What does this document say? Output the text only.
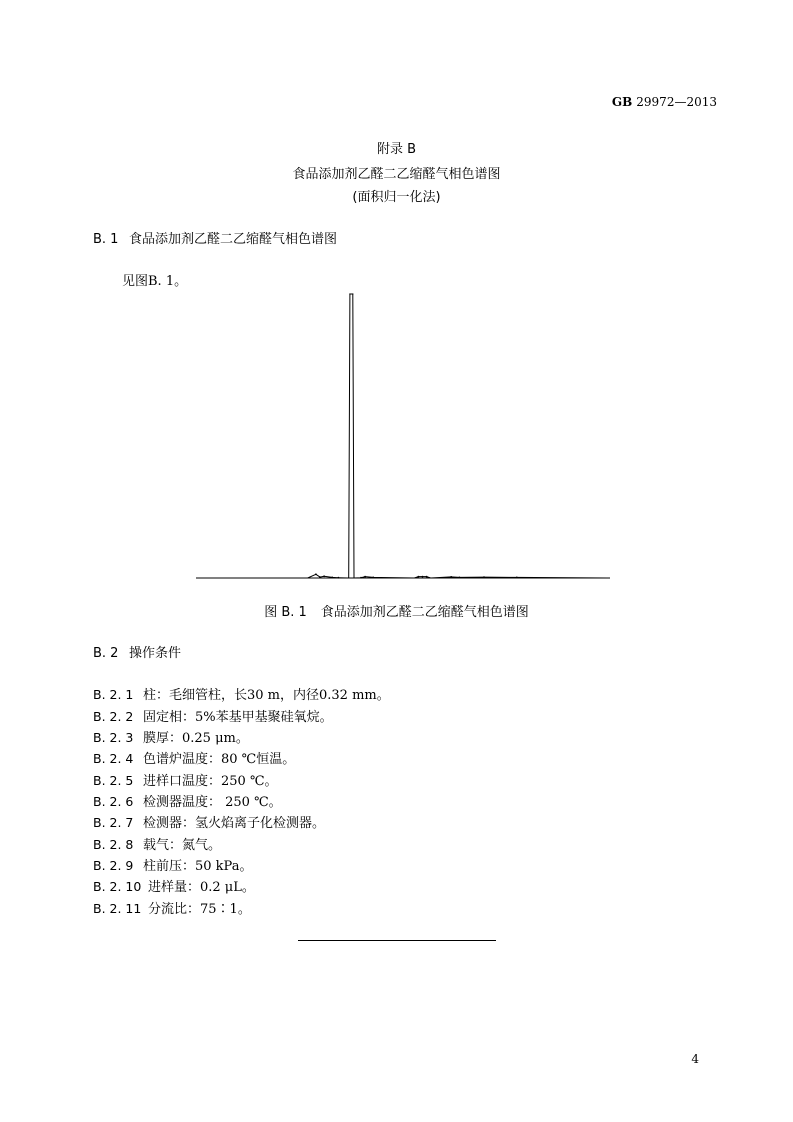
GB 29972—2013
附录 B
食品添加剂乙醛二乙缩醛气相色谱图
(面积归一化法)
B. 1 食品添加剂乙醛二乙缩醛气相色谱图
见图B. 1。
图 B. 1 食品添加剂乙醛二乙缩醛气相色谱图
B. 2 操作条件
B. 2. 1 柱：毛细管柱，长30 m，内径0.32 mm。
B. 2. 2 固定相：5%苯基甲基聚硅氧烷。
B. 2. 3 膜厚：0.25 μm。
B. 2. 4 色谱炉温度：80 ℃恒温。
B. 2. 5 进样口温度：250 ℃。
B. 2. 6 检测器温度： 250 ℃。
B. 2. 7 检测器：氢火焰离子化检测器。
B. 2. 8 载气：氮气。
B. 2. 9 柱前压：50 kPa。
B. 2. 10 进样量：0.2 μL。
B. 2. 11 分流比：75∶1。
4
